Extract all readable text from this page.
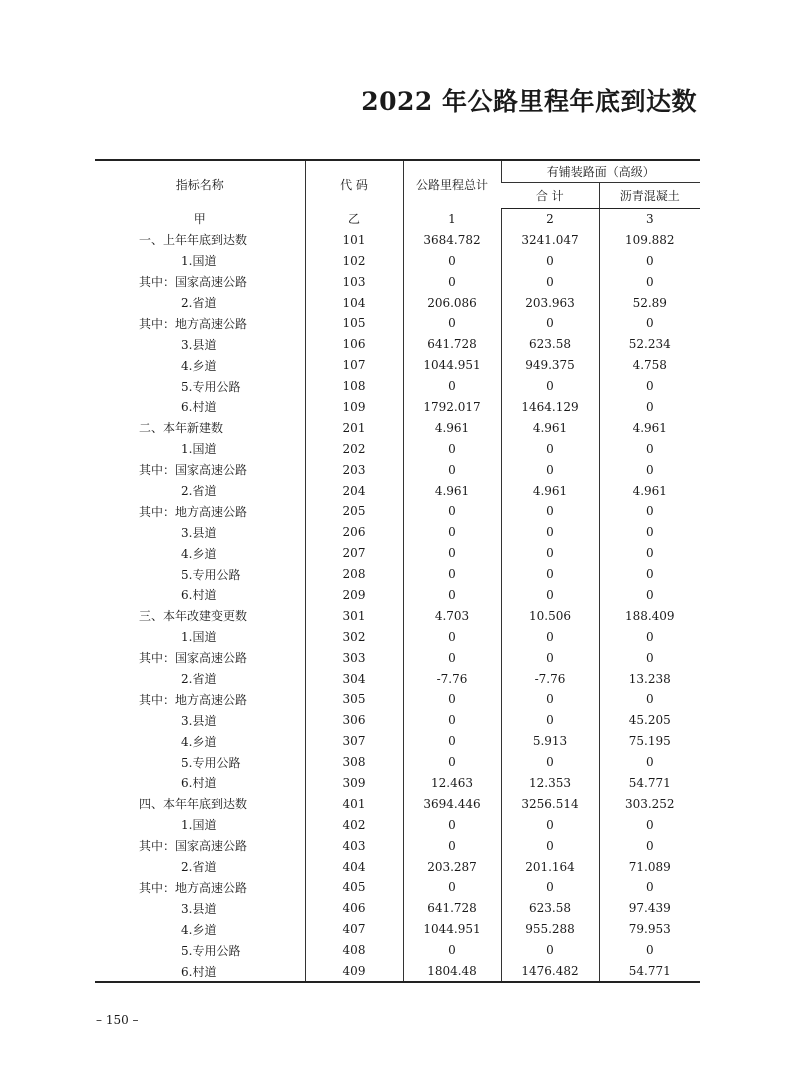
2022 年公路里程年底到达数
指标名称	代 码	公路里程总计	有铺装路面（高级）	
			合 计	沥青混凝土
甲	乙	1	2	3
一、上年年底到达数	101	3684.782	3241.047	109.882
1.国道	102	0	0	0
其中：国家高速公路	103	0	0	0
2.省道	104	206.086	203.963	52.89
其中：地方高速公路	105	0	0	0
3.县道	106	641.728	623.58	52.234
4.乡道	107	1044.951	949.375	4.758
5.专用公路	108	0	0	0
6.村道	109	1792.017	1464.129	0
二、本年新建数	201	4.961	4.961	4.961
1.国道	202	0	0	0
其中：国家高速公路	203	0	0	0
2.省道	204	4.961	4.961	4.961
其中：地方高速公路	205	0	0	0
3.县道	206	0	0	0
4.乡道	207	0	0	0
5.专用公路	208	0	0	0
6.村道	209	0	0	0
三、本年改建变更数	301	4.703	10.506	188.409
1.国道	302	0	0	0
其中：国家高速公路	303	0	0	0
2.省道	304	-7.76	-7.76	13.238
其中：地方高速公路	305	0	0	0
3.县道	306	0	0	45.205
4.乡道	307	0	5.913	75.195
5.专用公路	308	0	0	0
6.村道	309	12.463	12.353	54.771
四、本年年底到达数	401	3694.446	3256.514	303.252
1.国道	402	0	0	0
其中：国家高速公路	403	0	0	0
2.省道	404	203.287	201.164	71.089
其中：地方高速公路	405	0	0	0
3.县道	406	641.728	623.58	97.439
4.乡道	407	1044.951	955.288	79.953
5.专用公路	408	0	0	0
6.村道	409	1804.48	1476.482	54.771
– 150 –
